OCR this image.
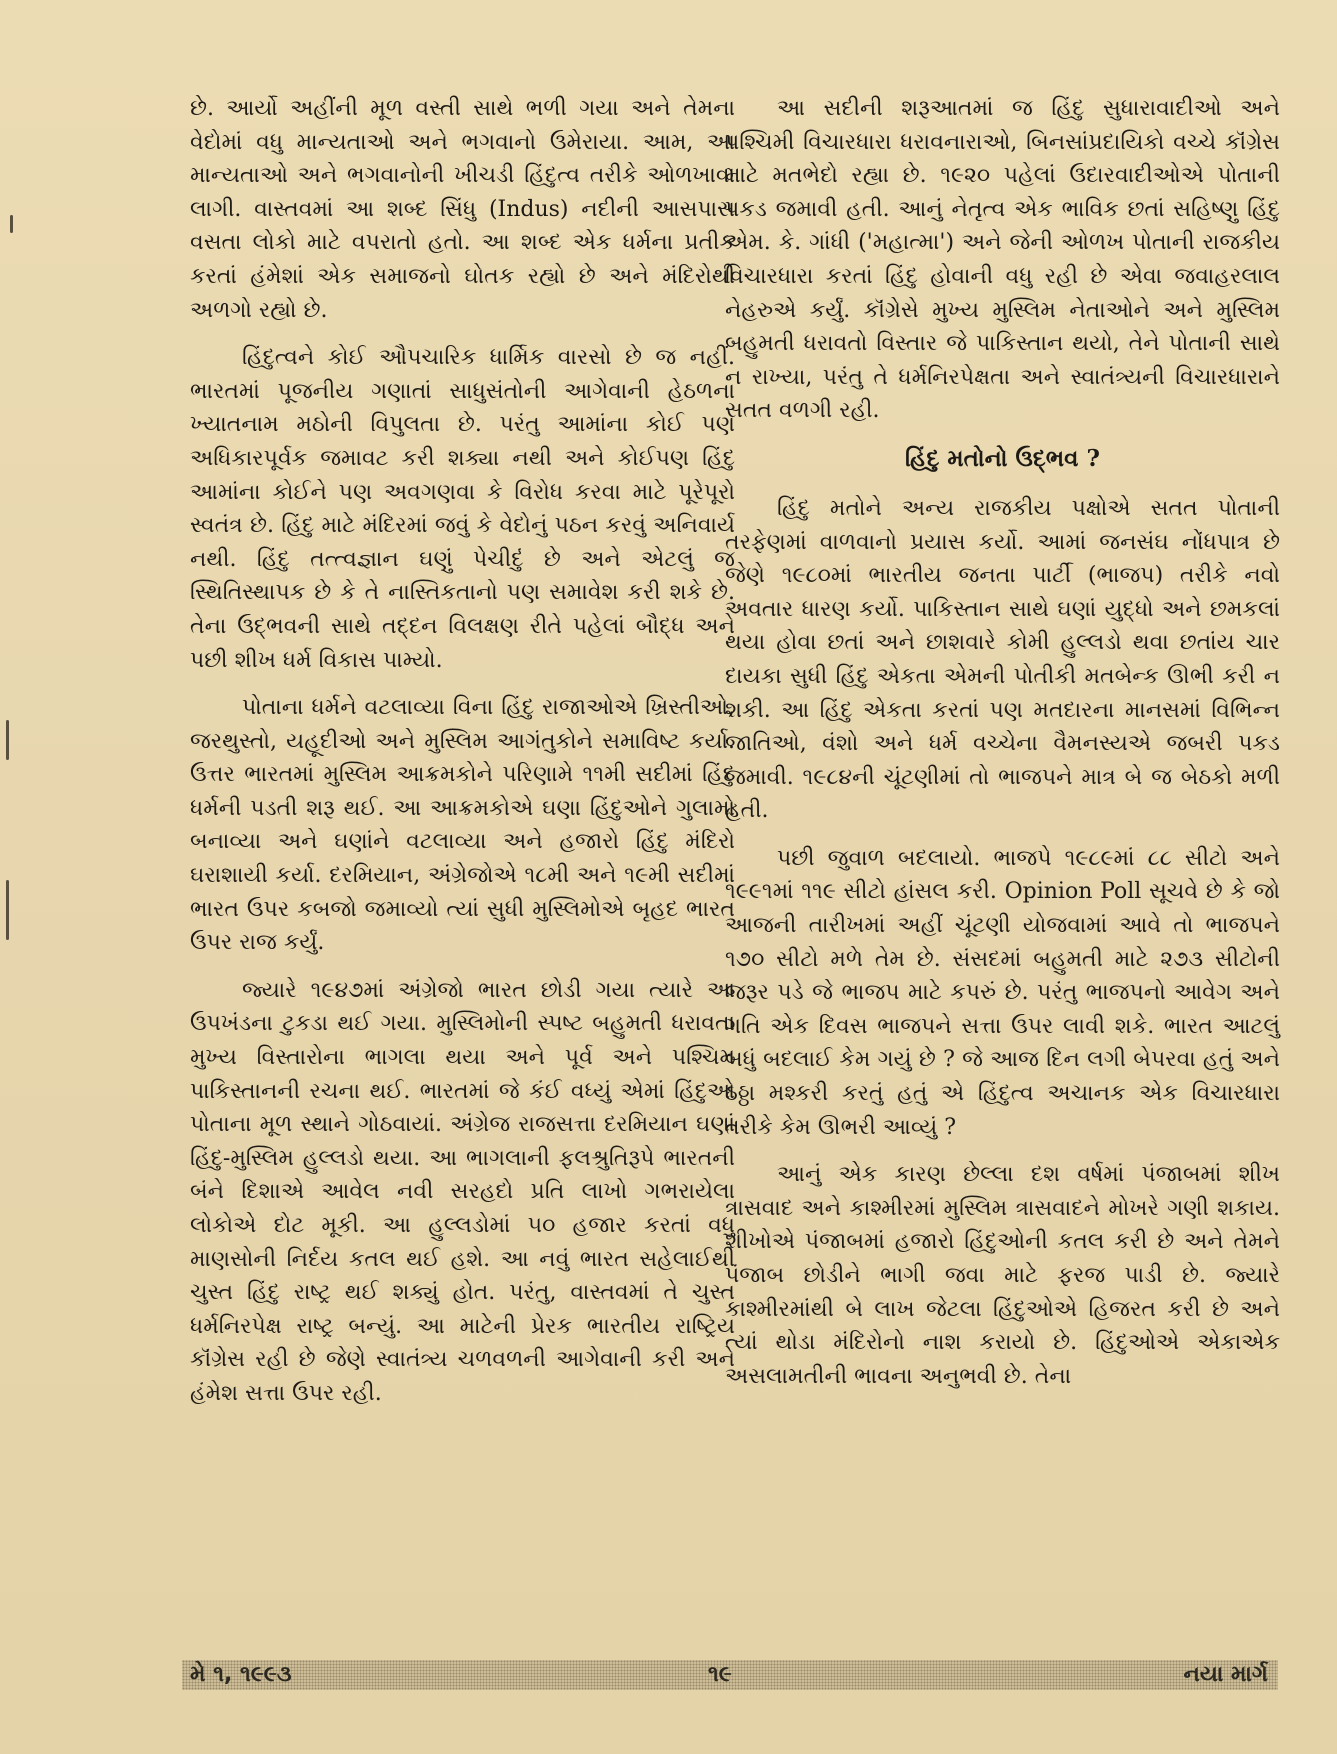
છે. આર્યો અહીંની મૂળ વસ્તી સાથે ભળી ગયા અને તેમના વેદોમાં વધુ માન્યતાઓ અને ભગવાનો ઉમેરાયા. આમ, આ માન્યતાઓ અને ભગવાનોની ખીચડી હિંદુત્વ તરીકે ઓળખાવા લાગી. વાસ્તવમાં આ શબ્દ સિંધુ (Indus) નદીની આસપાસ વસતા લોકો માટે વપરાતો હતો. આ શબ્દ એક ધર્મના પ્રતીક કરતાં હંમેશાં એક સમાજનો ઘોતક રહ્યો છે અને મંદિરોથી અળગો રહ્યો છે.

હિંદુત્વને કોઈ ઔપચારિક ધાર્મિક વારસો છે જ નહીં. ભારતમાં પૂજનીય ગણાતાં સાધુસંતોની આગેવાની હેઠળના ખ્યાતનામ મઠોની વિપુલતા છે. પરંતુ આમાંના કોઈ પણ અધિકારપૂર્વક જમાવટ કરી શક્યા નથી અને કોઈપણ હિંદુ આમાંના કોઈને પણ અવગણવા કે વિરોધ કરવા માટે પૂરેપૂરો સ્વતંત્ર છે. હિંદુ માટે મંદિરમાં જવું કે વેદોનું પઠન કરવું અનિવાર્ય નથી. હિંદુ તત્ત્વજ્ઞાન ઘણું પેચીદું છે અને એટલું જ સ્થિતિસ્થાપક છે કે તે નાસ્તિકતાનો પણ સમાવેશ કરી શકે છે. તેના ઉદ્ભવની સાથે તદ્દન વિલક્ષણ રીતે પહેલાં બૌદ્ધ અને પછી શીખ ધર્મ વિકાસ પામ્યો.

પોતાના ધર્મને વટલાવ્યા વિના હિંદુ રાજાઓએ ખ્રિસ્તીઓ, જરથુસ્તો, યહૂદીઓ અને મુસ્લિમ આગંતુકોને સમાવિષ્ટ કર્યા. ઉત્તર ભારતમાં મુસ્લિમ આક્રમકોને પરિણામે ૧૧મી સદીમાં હિંદુ ધર્મની પડતી શરૂ થઈ. આ આક્રમકોએ ઘણા હિંદુઓને ગુલામો બનાવ્યા અને ઘણાંને વટલાવ્યા અને હજારો હિંદુ મંદિરો ઘરાશાયી કર્યા. દરમિયાન, અંગ્રેજોએ ૧૮મી અને ૧૯મી સદીમાં ભારત ઉપર કબજો જમાવ્યો ત્યાં સુધી મુસ્લિમોએ બૃહદ ભારત ઉપર રાજ કર્યું.

જ્યારે ૧૯૪૭માં અંગ્રેજો ભારત છોડી ગયા ત્યારે આ ઉપખંડના ટુકડા થઈ ગયા. મુસ્લિમોની સ્પષ્ટ બહુમતી ધરાવતા મુખ્ય વિસ્તારોના ભાગલા થયા અને પૂર્વ અને પશ્ચિમ પાકિસ્તાનની રચના થઈ. ભારતમાં જે કંઈ વધ્યું એમાં હિંદુઓ પોતાના મૂળ સ્થાને ગોઠવાયાં. અંગ્રેજ રાજસત્તા દરમિયાન ઘણાં હિંદુ-મુસ્લિમ હુલ્લડો થયા. આ ભાગલાની ફલશ્રુતિરૂપે ભારતની બંને દિશાએ આવેલ નવી સરહદો પ્રતિ લાખો ગભરાયેલા લોકોએ દોટ મૂકી. આ હુલ્લડોમાં ૫૦ હજાર કરતાં વધુ માણસોની નિર્દય કતલ થઈ હશે. આ નવું ભારત સહેલાઈથી ચુસ્ત હિંદુ રાષ્ટ્ર થઈ શક્યું હોત. પરંતુ, વાસ્તવમાં તે ચુસ્ત ધર્મનિરપેક્ષ રાષ્ટ્ર બન્યું. આ માટેની પ્રેરક ભારતીય રાષ્ટ્રિય કૉંગ્રેસ રહી છે જેણે સ્વાતંત્ર્ય ચળવળની આગેવાની કરી અને હંમેશ સત્તા ઉપર રહી.

આ સદીની શરૂઆતમાં જ હિંદુ સુધારાવાદીઓ અને પશ્ચિમી વિચારધારા ધરાવનારાઓ, બિનસાંપ્રદાયિકો વચ્ચે કૉંગ્રેસ માટે મતભેદો રહ્યા છે. ૧૯૨૦ પહેલાં ઉદારવાદીઓએ પોતાની પકડ જમાવી હતી. આનું નેતૃત્વ એક ભાવિક છતાં સહિષ્ણુ હિંદુ એમ. કે. ગાંધી ('મહાત્મા') અને જેની ઓળખ પોતાની રાજકીય વિચારધારા કરતાં હિંદુ હોવાની વધુ રહી છે એવા જવાહરલાલ નેહરુએ કર્યું. કૉંગ્રેસે મુખ્ય મુસ્લિમ નેતાઓને અને મુસ્લિમ બહુમતી ધરાવતો વિસ્તાર જે પાકિસ્તાન થયો, તેને પોતાની સાથે ન રાખ્યા, પરંતુ તે ધર્મનિરપેક્ષતા અને સ્વાતંત્ર્યની વિચારધારાને સતત વળગી રહી.

હિંદુ મતોનો ઉદ્ભવ ?

હિંદુ મતોને અન્ય રાજકીય પક્ષોએ સતત પોતાની તરફેણમાં વાળવાનો પ્રયાસ કર્યો. આમાં જનસંઘ નોંધપાત્ર છે જેણે ૧૯૮૦માં ભારતીય જનતા પાર્ટી (ભાજપ) તરીકે નવો અવતાર ધારણ કર્યો. પાકિસ્તાન સાથે ઘણાં યુદ્ધો અને છમકલાં થયા હોવા છતાં અને છાશવારે કોમી હુલ્લડો થવા છતાંય ચાર દાયકા સુધી હિંદુ એકતા એમની પોતીકી મતબેન્ક ઊભી કરી ન શકી. આ હિંદુ એકતા કરતાં પણ મતદારના માનસમાં વિભિન્ન જાતિઓ, વંશો અને ધર્મ વચ્ચેના વૈમનસ્યએ જબરી પકડ જમાવી. ૧૯૮૪ની ચૂંટણીમાં તો ભાજપને માત્ર બે જ બેઠકો મળી હતી.

પછી જુવાળ બદલાયો. ભાજપે ૧૯૮૯માં ૮૮ સીટો અને ૧૯૯૧માં ૧૧૯ સીટો હાંસલ કરી. Opinion Poll સૂચવે છે કે જો આજની તારીખમાં અહીં ચૂંટણી યોજવામાં આવે તો ભાજપને ૧૭૦ સીટો મળે તેમ છે. સંસદમાં બહુમતી માટે ૨૭૩ સીટોની જરૂર પડે જે ભાજપ માટે કપરું છે. પરંતુ ભાજપનો આવેગ અને ગતિ એક દિવસ ભાજપને સત્તા ઉપર લાવી શકે. ભારત આટલું બધું બદલાઈ કેમ ગયું છે ? જે આજ દિન લગી બેપરવા હતું અને ઠઠ્ઠા મશ્કરી કરતું હતું એ હિંદુત્વ અચાનક એક વિચારધારા તરીકે કેમ ઊભરી આવ્યું ?

આનું એક કારણ છેલ્લા દશ વર્ષમાં પંજાબમાં શીખ ત્રાસવાદ અને કાશ્મીરમાં મુસ્લિમ ત્રાસવાદને મોખરે ગણી શકાય. શીખોએ પંજાબમાં હજારો હિંદુઓની કતલ કરી છે અને તેમને પંજાબ છોડીને ભાગી જવા માટે ફરજ પાડી છે. જ્યારે કાશ્મીરમાંથી બે લાખ જેટલા હિંદુઓએ હિજરત કરી છે અને ત્યાં થોડા મંદિરોનો નાશ કરાયો છે. હિંદુઓએ એકાએક અસલામતીની ભાવના અનુભવી છે. તેના

મે ૧, ૧૯૯૩	૧૯	નયા માર્ગ
